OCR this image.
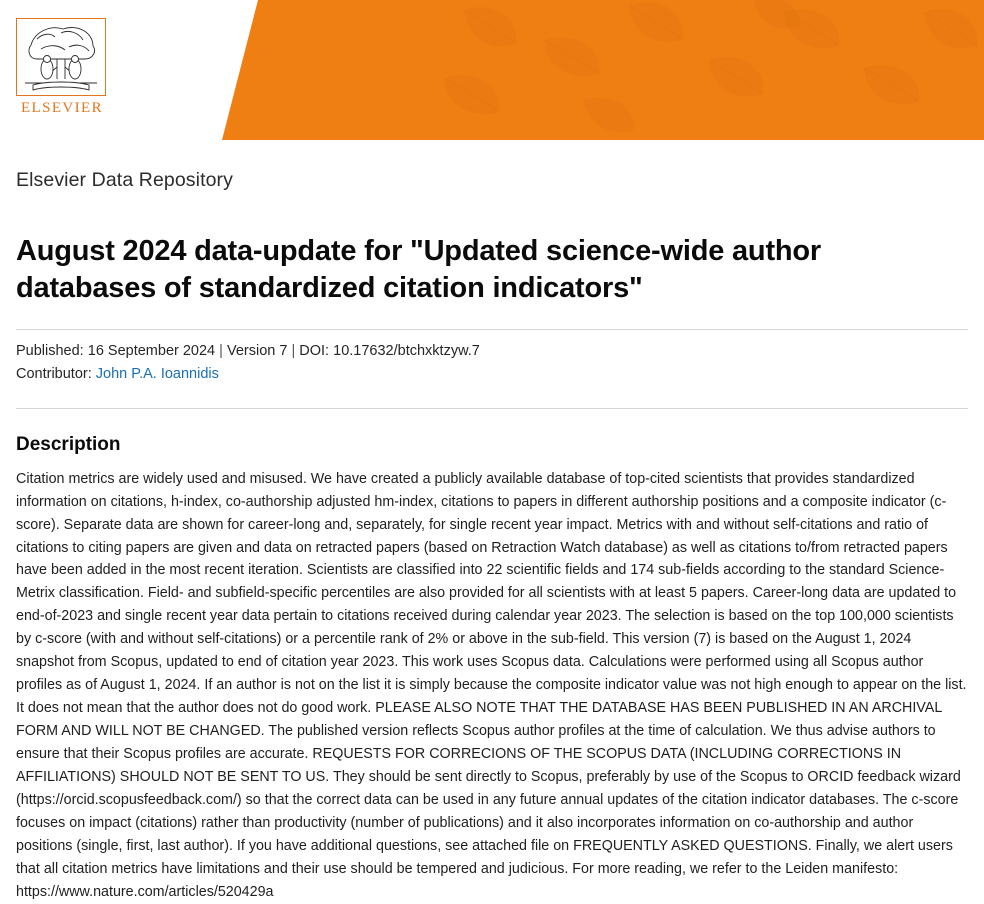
ELSEVIER
Elsevier Data Repository
August 2024 data-update for "Updated science-wide author databases of standardized citation indicators"
Published: 16 September 2024 | Version 7 | DOI: 10.17632/btchxktzyw.7
Contributor: John P.A. Ioannidis
Description

Citation metrics are widely used and misused. We have created a publicly available database of top-cited scientists that provides standardized information on citations, h-index, co-authorship adjusted hm-index, citations to papers in different authorship positions and a composite indicator (c-score). Separate data are shown for career-long and, separately, for single recent year impact. Metrics with and without self-citations and ratio of citations to citing papers are given and data on retracted papers (based on Retraction Watch database) as well as citations to/from retracted papers have been added in the most recent iteration. Scientists are classified into 22 scientific fields and 174 sub-fields according to the standard Science-Metrix classification. Field- and subfield-specific percentiles are also provided for all scientists with at least 5 papers. Career-long data are updated to end-of-2023 and single recent year data pertain to citations received during calendar year 2023. The selection is based on the top 100,000 scientists by c-score (with and without self-citations) or a percentile rank of 2% or above in the sub-field. This version (7) is based on the August 1, 2024 snapshot from Scopus, updated to end of citation year 2023. This work uses Scopus data. Calculations were performed using all Scopus author profiles as of August 1, 2024. If an author is not on the list it is simply because the composite indicator value was not high enough to appear on the list. It does not mean that the author does not do good work. PLEASE ALSO NOTE THAT THE DATABASE HAS BEEN PUBLISHED IN AN ARCHIVAL FORM AND WILL NOT BE CHANGED. The published version reflects Scopus author profiles at the time of calculation. We thus advise authors to ensure that their Scopus profiles are accurate. REQUESTS FOR CORRECIONS OF THE SCOPUS DATA (INCLUDING CORRECTIONS IN AFFILIATIONS) SHOULD NOT BE SENT TO US. They should be sent directly to Scopus, preferably by use of the Scopus to ORCID feedback wizard (https://orcid.scopusfeedback.com/) so that the correct data can be used in any future annual updates of the citation indicator databases. The c-score focuses on impact (citations) rather than productivity (number of publications) and it also incorporates information on co-authorship and author positions (single, first, last author). If you have additional questions, see attached file on FREQUENTLY ASKED QUESTIONS. Finally, we alert users that all citation metrics have limitations and their use should be tempered and judicious. For more reading, we refer to the Leiden manifesto: https://www.nature.com/articles/520429a
